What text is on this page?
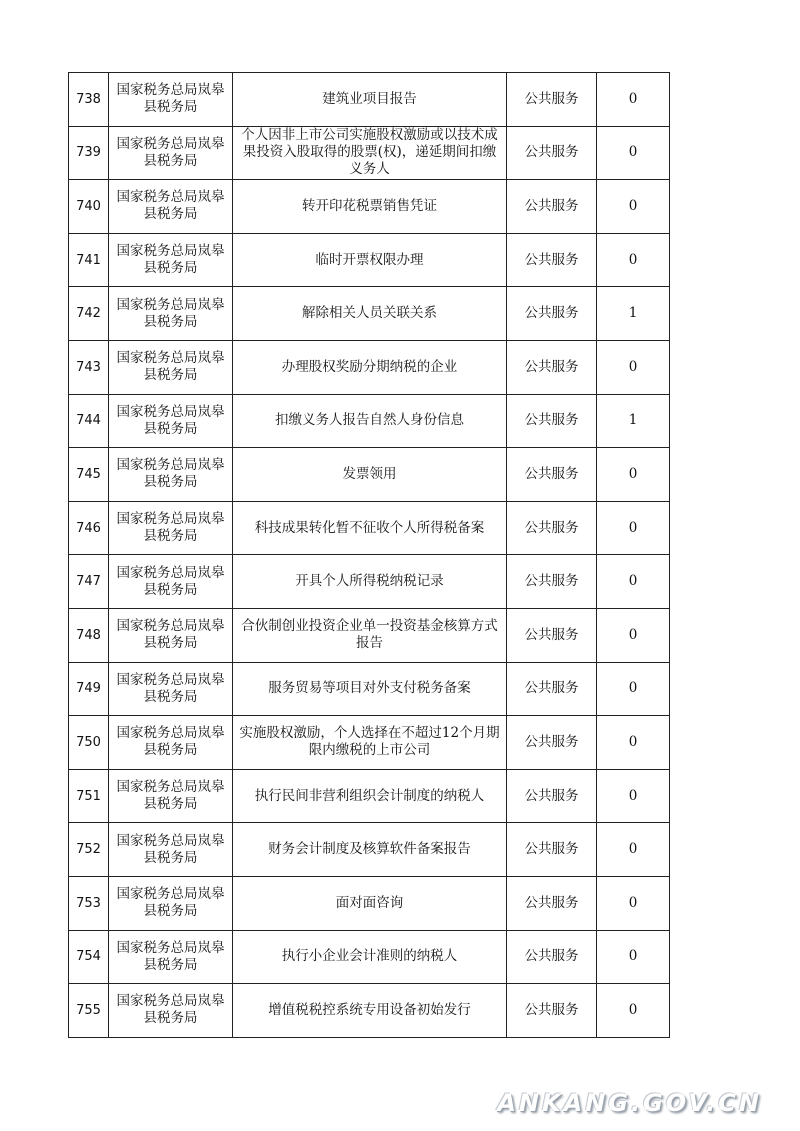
738	国家税务总局岚皋县税务局	建筑业项目报告	公共服务	0
739	国家税务总局岚皋县税务局	个人因非上市公司实施股权激励或以技术成果投资入股取得的股票(权)，递延期间扣缴义务人	公共服务	0
740	国家税务总局岚皋县税务局	转开印花税票销售凭证	公共服务	0
741	国家税务总局岚皋县税务局	临时开票权限办理	公共服务	0
742	国家税务总局岚皋县税务局	解除相关人员关联关系	公共服务	1
743	国家税务总局岚皋县税务局	办理股权奖励分期纳税的企业	公共服务	0
744	国家税务总局岚皋县税务局	扣缴义务人报告自然人身份信息	公共服务	1
745	国家税务总局岚皋县税务局	发票领用	公共服务	0
746	国家税务总局岚皋县税务局	科技成果转化暂不征收个人所得税备案	公共服务	0
747	国家税务总局岚皋县税务局	开具个人所得税纳税记录	公共服务	0
748	国家税务总局岚皋县税务局	合伙制创业投资企业单一投资基金核算方式报告	公共服务	0
749	国家税务总局岚皋县税务局	服务贸易等项目对外支付税务备案	公共服务	0
750	国家税务总局岚皋县税务局	实施股权激励，个人选择在不超过12个月期限内缴税的上市公司	公共服务	0
751	国家税务总局岚皋县税务局	执行民间非营利组织会计制度的纳税人	公共服务	0
752	国家税务总局岚皋县税务局	财务会计制度及核算软件备案报告	公共服务	0
753	国家税务总局岚皋县税务局	面对面咨询	公共服务	0
754	国家税务总局岚皋县税务局	执行小企业会计准则的纳税人	公共服务	0
755	国家税务总局岚皋县税务局	增值税税控系统专用设备初始发行	公共服务	0
ANKANG.GOV.CN
